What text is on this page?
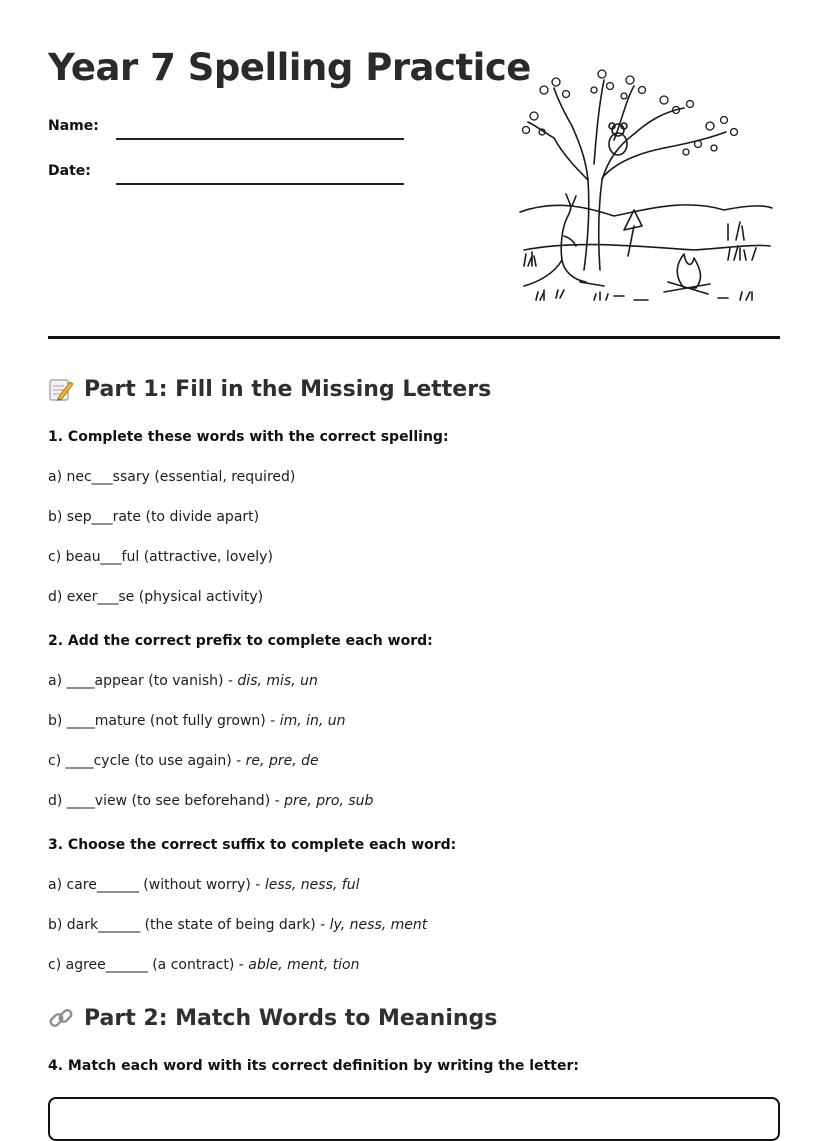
Year 7 Spelling Practice
Name:
Date:
Part 1: Fill in the Missing Letters
1. Complete these words with the correct spelling:
a) nec___ssary (essential, required)
b) sep___rate (to divide apart)
c) beau___ful (attractive, lovely)
d) exer___se (physical activity)
2. Add the correct prefix to complete each word:
a) ____appear (to vanish) - dis, mis, un
b) ____mature (not fully grown) - im, in, un
c) ____cycle (to use again) - re, pre, de
d) ____view (to see beforehand) - pre, pro, sub
3. Choose the correct suffix to complete each word:
a) care______ (without worry) - less, ness, ful
b) dark______ (the state of being dark) - ly, ness, ment
c) agree______ (a contract) - able, ment, tion
Part 2: Match Words to Meanings
4. Match each word with its correct definition by writing the letter:
